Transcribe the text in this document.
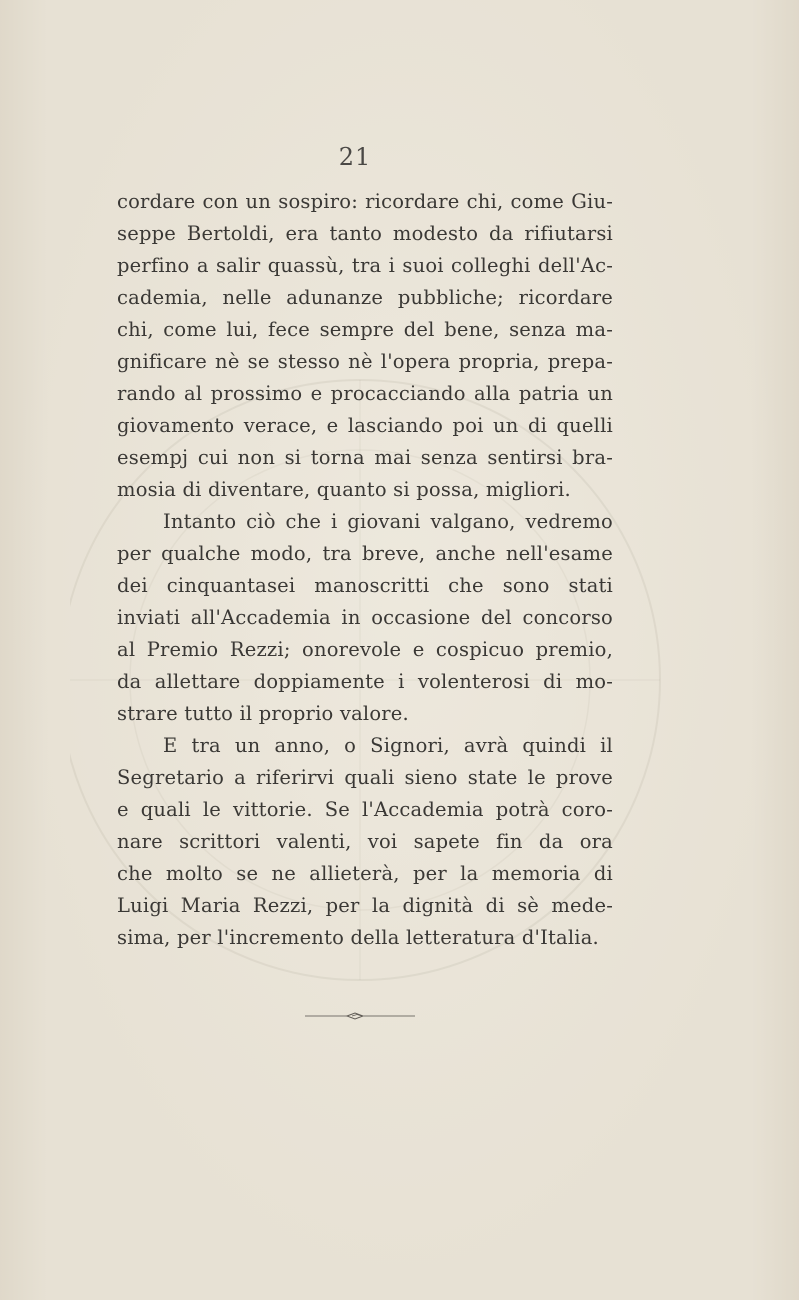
21
cordare con un sospiro: ricordare chi, come Giu-
seppe Bertoldi, era tanto modesto da rifiutarsi
perfino a salir quassù, tra i suoi colleghi dell'Ac-
cademia, nelle adunanze pubbliche; ricordare
chi, come lui, fece sempre del bene, senza ma-
gnificare nè se stesso nè l'opera propria, prepa-
rando al prossimo e procacciando alla patria un
giovamento verace, e lasciando poi un di quelli
esempj cui non si torna mai senza sentirsi bra-
mosia di diventare, quanto si possa, migliori.
Intanto ciò che i giovani valgano, vedremo
per qualche modo, tra breve, anche nell'esame
dei cinquantasei manoscritti che sono stati
inviati all'Accademia in occasione del concorso
al Premio Rezzi; onorevole e cospicuo premio,
da allettare doppiamente i volenterosi di mo-
strare tutto il proprio valore.
E tra un anno, o Signori, avrà quindi il
Segretario a riferirvi quali sieno state le prove
e quali le vittorie. Se l'Accademia potrà coro-
nare scrittori valenti, voi sapete fin da ora
che molto se ne allieterà, per la memoria di
Luigi Maria Rezzi, per la dignità di sè mede-
sima, per l'incremento della letteratura d'Italia.
